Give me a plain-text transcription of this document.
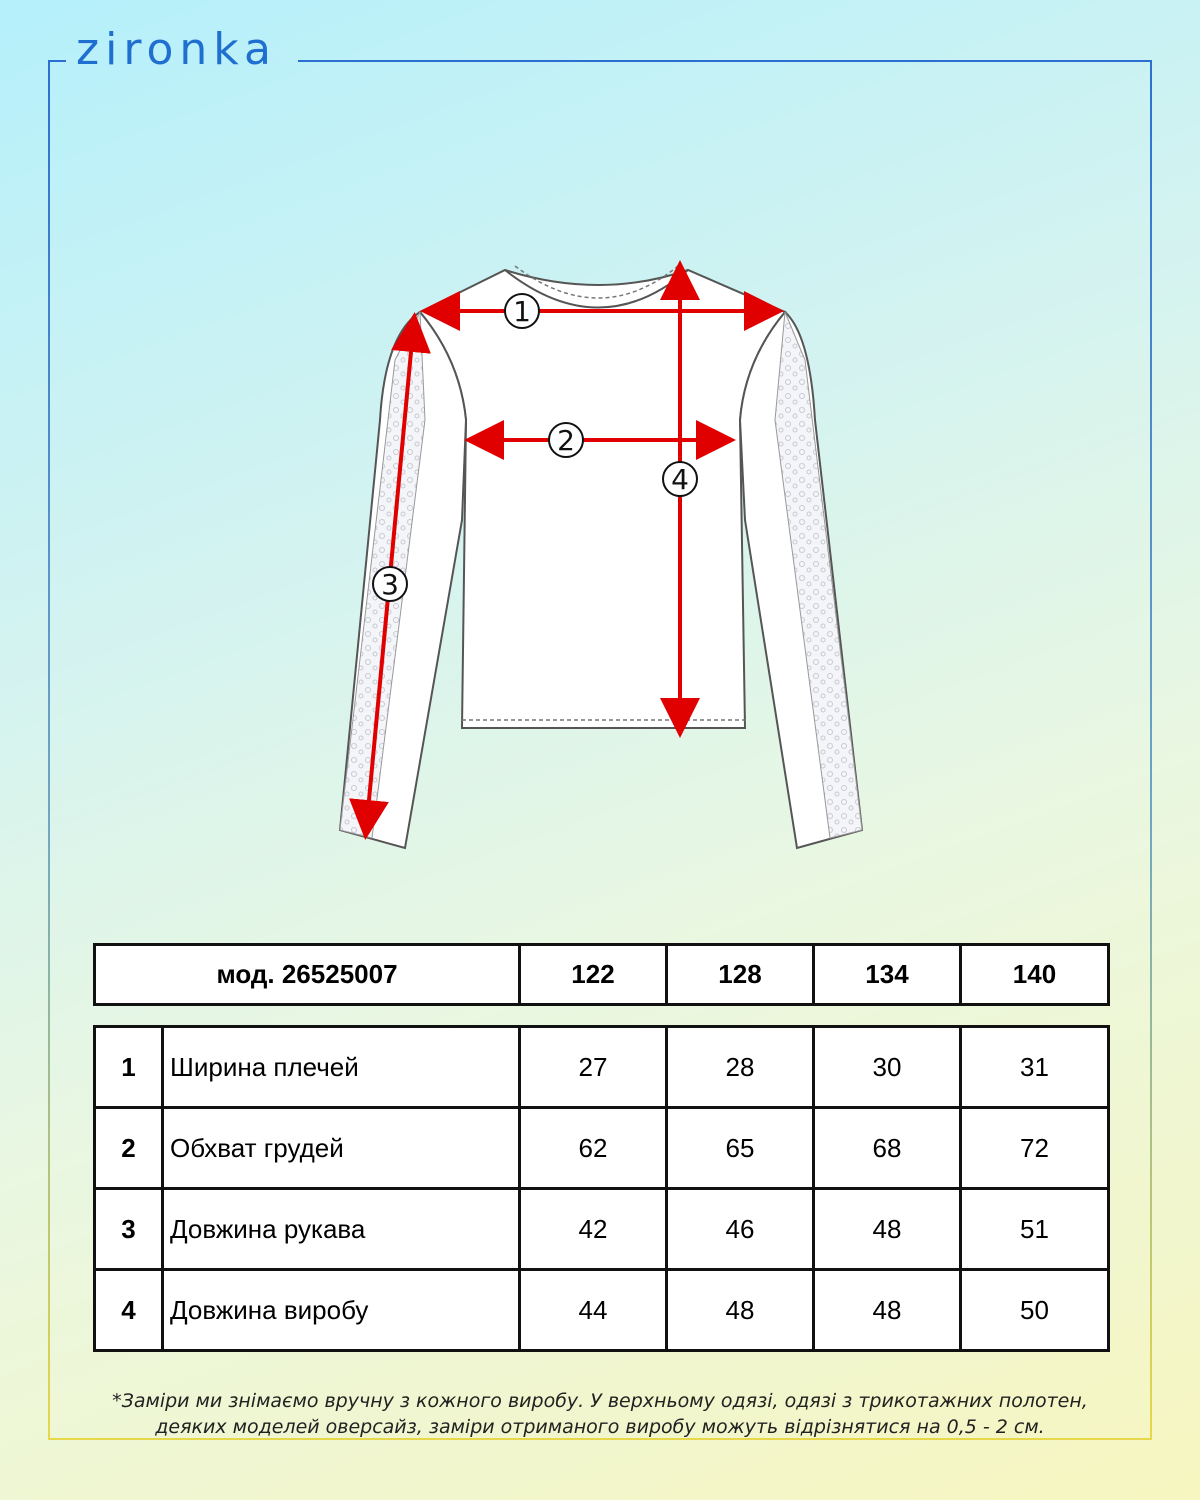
zironka
1
2
3
4
мод. 26525007	122	128	134	140
1	Ширина плечей	27	28	30	31
2	Обхват грудей	62	65	68	72
3	Довжина рукава	42	46	48	51
4	Довжина виробу	44	48	48	50
*Заміри ми знімаємо вручну з кожного виробу. У верхньому одязі, одязі з трикотажних полотен,
деяких моделей оверсайз, заміри отриманого виробу можуть відрізнятися на 0,5 - 2 см.
